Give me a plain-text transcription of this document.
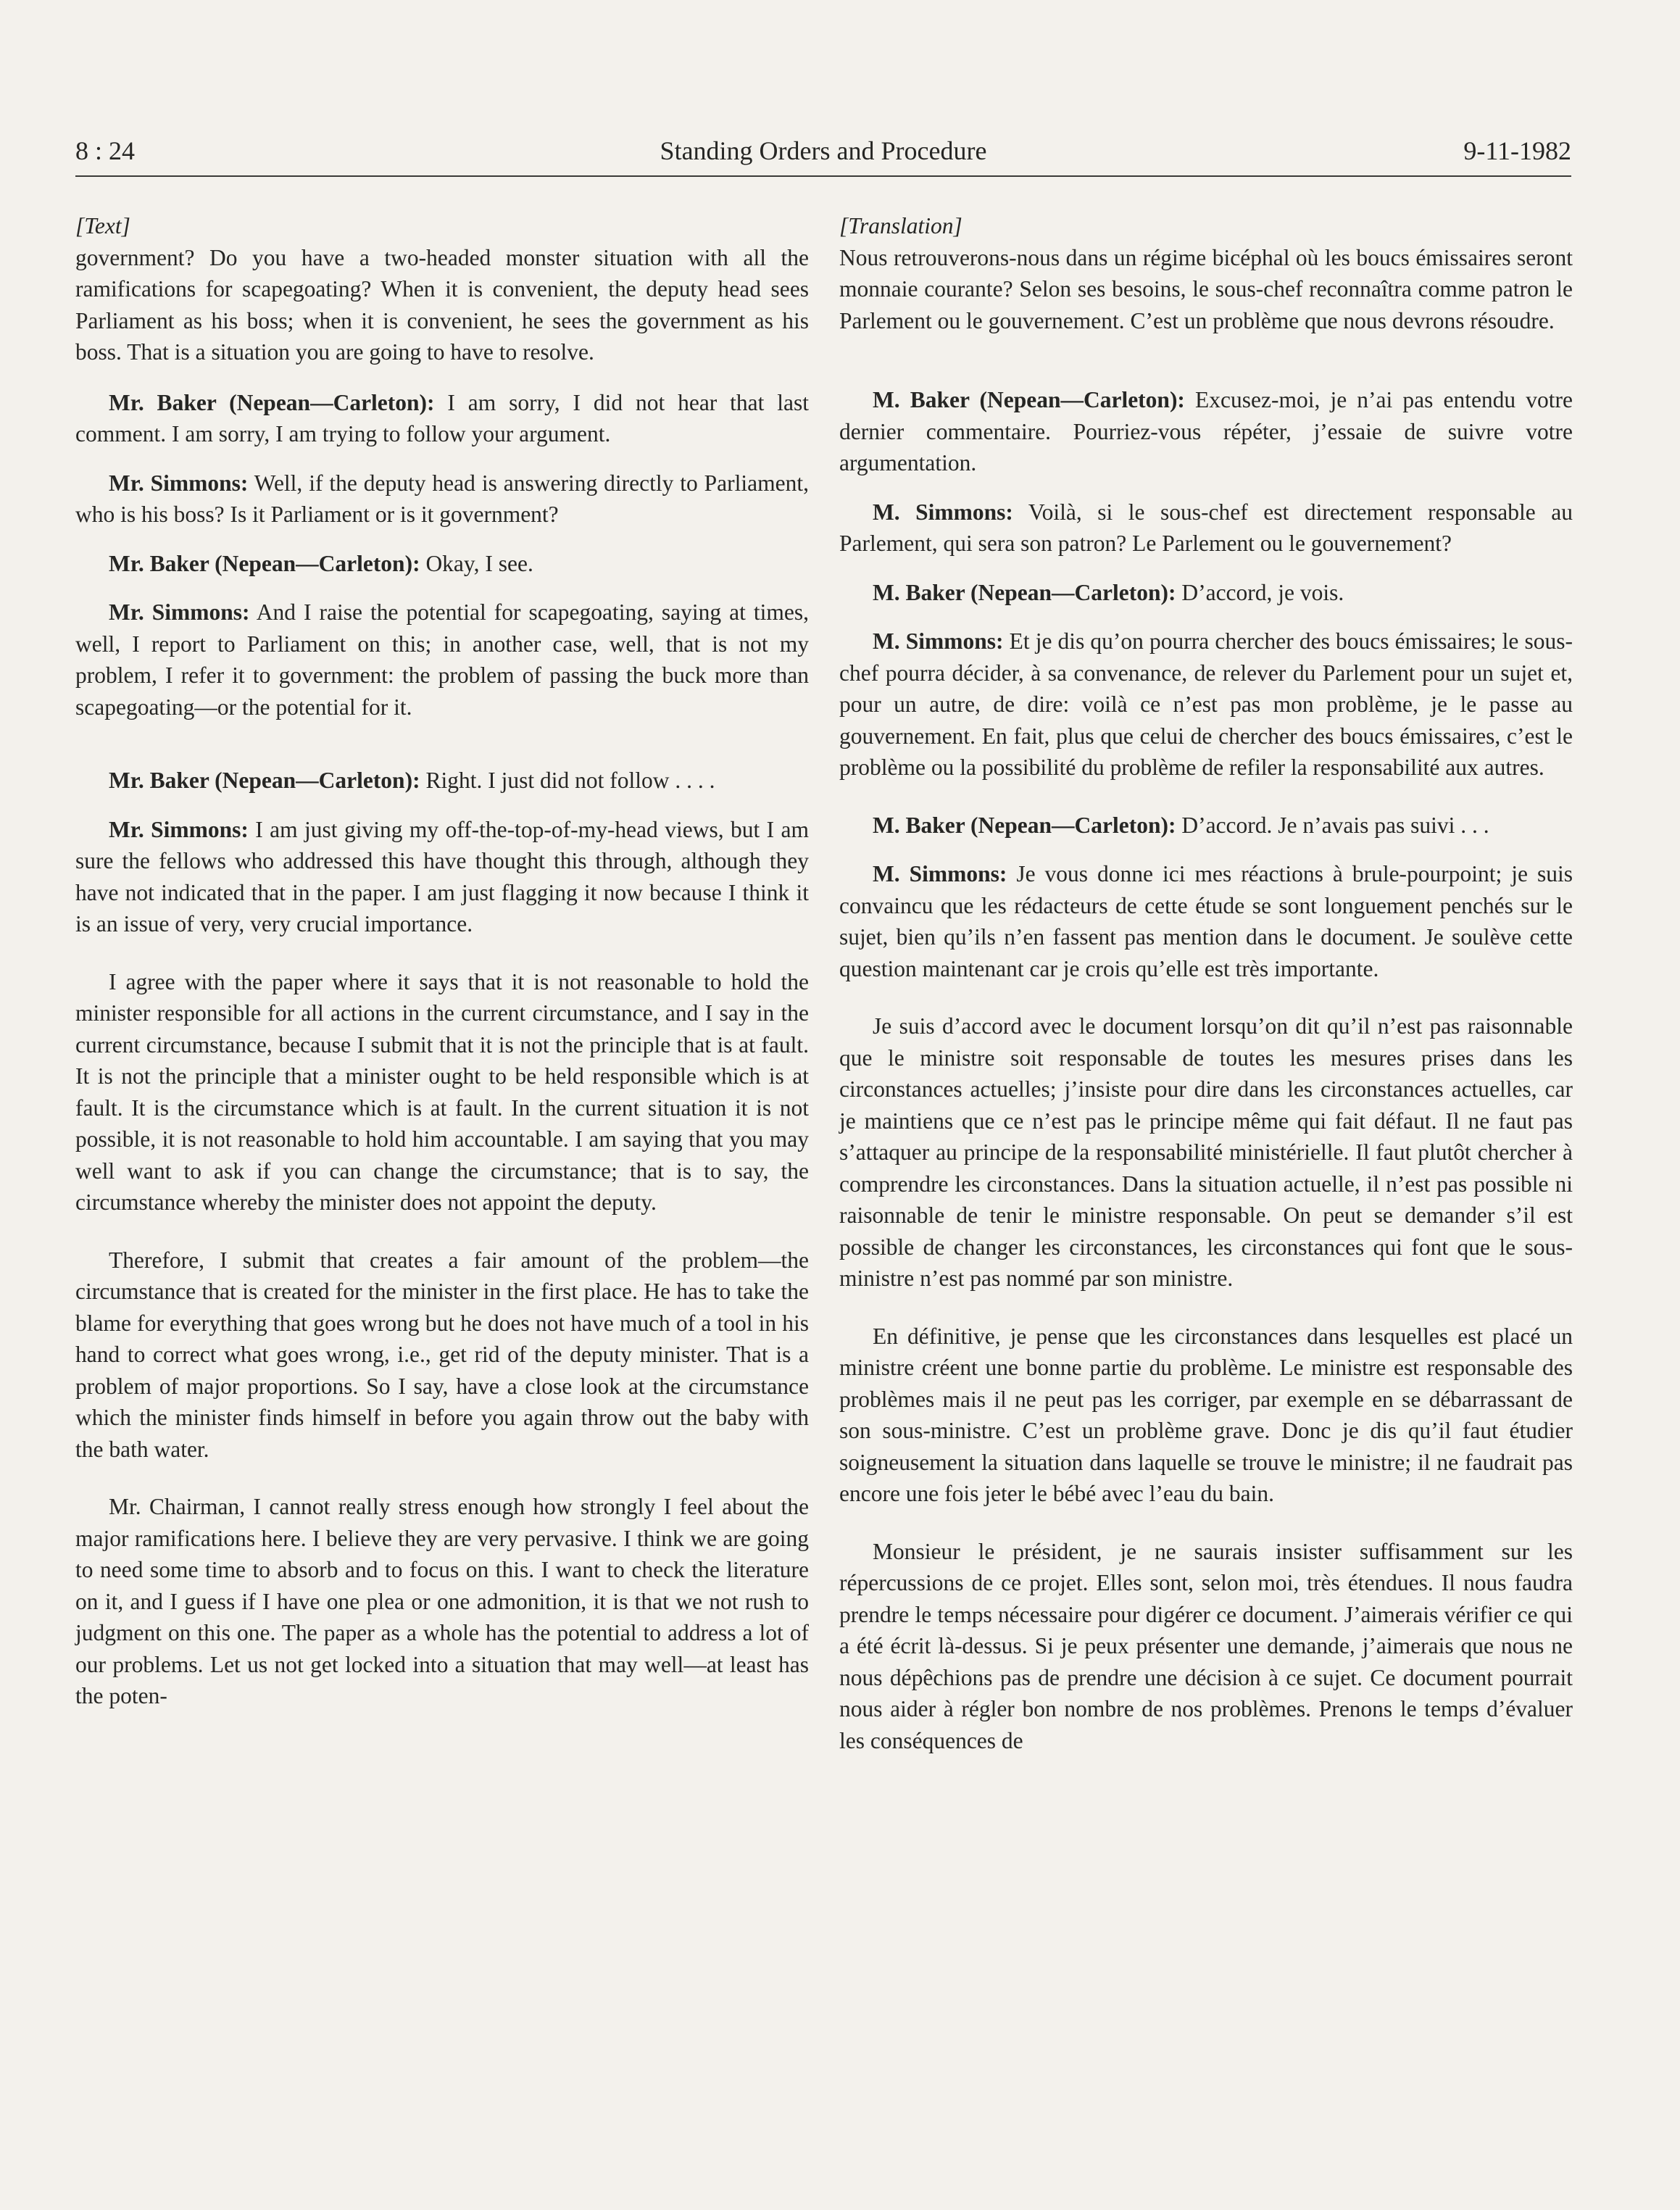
8 : 24	Standing Orders and Procedure	9-11-1982
[Text]

government? Do you have a two-headed monster situation with all the ramifications for scapegoating? When it is convenient, the deputy head sees Parliament as his boss; when it is convenient, he sees the government as his boss. That is a situation you are going to have to resolve.

Mr. Baker (Nepean—Carleton): I am sorry, I did not hear that last comment. I am sorry, I am trying to follow your argument.

Mr. Simmons: Well, if the deputy head is answering directly to Parliament, who is his boss? Is it Parliament or is it government?

Mr. Baker (Nepean—Carleton): Okay, I see.

Mr. Simmons: And I raise the potential for scapegoating, saying at times, well, I report to Parliament on this; in another case, well, that is not my problem, I refer it to government: the problem of passing the buck more than scapegoating—or the potential for it.

Mr. Baker (Nepean—Carleton): Right. I just did not follow . . . .

Mr. Simmons: I am just giving my off-the-top-of-my-head views, but I am sure the fellows who addressed this have thought this through, although they have not indicated that in the paper. I am just flagging it now because I think it is an issue of very, very crucial importance.

I agree with the paper where it says that it is not reasonable to hold the minister responsible for all actions in the current circumstance, and I say in the current circumstance, because I submit that it is not the principle that is at fault. It is not the principle that a minister ought to be held responsible which is at fault. It is the circumstance which is at fault. In the current situation it is not possible, it is not reasonable to hold him accountable. I am saying that you may well want to ask if you can change the circumstance; that is to say, the circumstance whereby the minister does not appoint the deputy.

Therefore, I submit that creates a fair amount of the problem—the circumstance that is created for the minister in the first place. He has to take the blame for everything that goes wrong but he does not have much of a tool in his hand to correct what goes wrong, i.e., get rid of the deputy minister. That is a problem of major proportions. So I say, have a close look at the circumstance which the minister finds himself in before you again throw out the baby with the bath water.

Mr. Chairman, I cannot really stress enough how strongly I feel about the major ramifications here. I believe they are very pervasive. I think we are going to need some time to absorb and to focus on this. I want to check the literature on it, and I guess if I have one plea or one admonition, it is that we not rush to judgment on this one. The paper as a whole has the potential to address a lot of our problems. Let us not get locked into a situation that may well—at least has the poten-

[Translation]

Nous retrouverons-nous dans un régime bicéphal où les boucs émissaires seront monnaie courante? Selon ses besoins, le sous-chef reconnaîtra comme patron le Parlement ou le gouvernement. C’est un problème que nous devrons résoudre.

M. Baker (Nepean—Carleton): Excusez-moi, je n’ai pas entendu votre dernier commentaire. Pourriez-vous répéter, j’essaie de suivre votre argumentation.

M. Simmons: Voilà, si le sous-chef est directement responsable au Parlement, qui sera son patron? Le Parlement ou le gouvernement?

M. Baker (Nepean—Carleton): D’accord, je vois.

M. Simmons: Et je dis qu’on pourra chercher des boucs émissaires; le sous-chef pourra décider, à sa convenance, de relever du Parlement pour un sujet et, pour un autre, de dire: voilà ce n’est pas mon problème, je le passe au gouvernement. En fait, plus que celui de chercher des boucs émissaires, c’est le problème ou la possibilité du problème de refiler la responsabilité aux autres.

M. Baker (Nepean—Carleton): D’accord. Je n’avais pas suivi . . .

M. Simmons: Je vous donne ici mes réactions à brule-pourpoint; je suis convaincu que les rédacteurs de cette étude se sont longuement penchés sur le sujet, bien qu’ils n’en fassent pas mention dans le document. Je soulève cette question maintenant car je crois qu’elle est très importante.

Je suis d’accord avec le document lorsqu’on dit qu’il n’est pas raisonnable que le ministre soit responsable de toutes les mesures prises dans les circonstances actuelles; j’insiste pour dire dans les circonstances actuelles, car je maintiens que ce n’est pas le principe même qui fait défaut. Il ne faut pas s’attaquer au principe de la responsabilité ministérielle. Il faut plutôt chercher à comprendre les circonstances. Dans la situation actuelle, il n’est pas possible ni raisonnable de tenir le ministre responsable. On peut se demander s’il est possible de changer les circonstances, les circonstances qui font que le sous-ministre n’est pas nommé par son ministre.

En définitive, je pense que les circonstances dans lesquelles est placé un ministre créent une bonne partie du problème. Le ministre est responsable des problèmes mais il ne peut pas les corriger, par exemple en se débarrassant de son sous-ministre. C’est un problème grave. Donc je dis qu’il faut étudier soigneusement la situation dans laquelle se trouve le ministre; il ne faudrait pas encore une fois jeter le bébé avec l’eau du bain.

Monsieur le président, je ne saurais insister suffisamment sur les répercussions de ce projet. Elles sont, selon moi, très étendues. Il nous faudra prendre le temps nécessaire pour digérer ce document. J’aimerais vérifier ce qui a été écrit là-dessus. Si je peux présenter une demande, j’aimerais que nous ne nous dépêchions pas de prendre une décision à ce sujet. Ce document pourrait nous aider à régler bon nombre de nos problèmes. Prenons le temps d’évaluer les conséquences de
